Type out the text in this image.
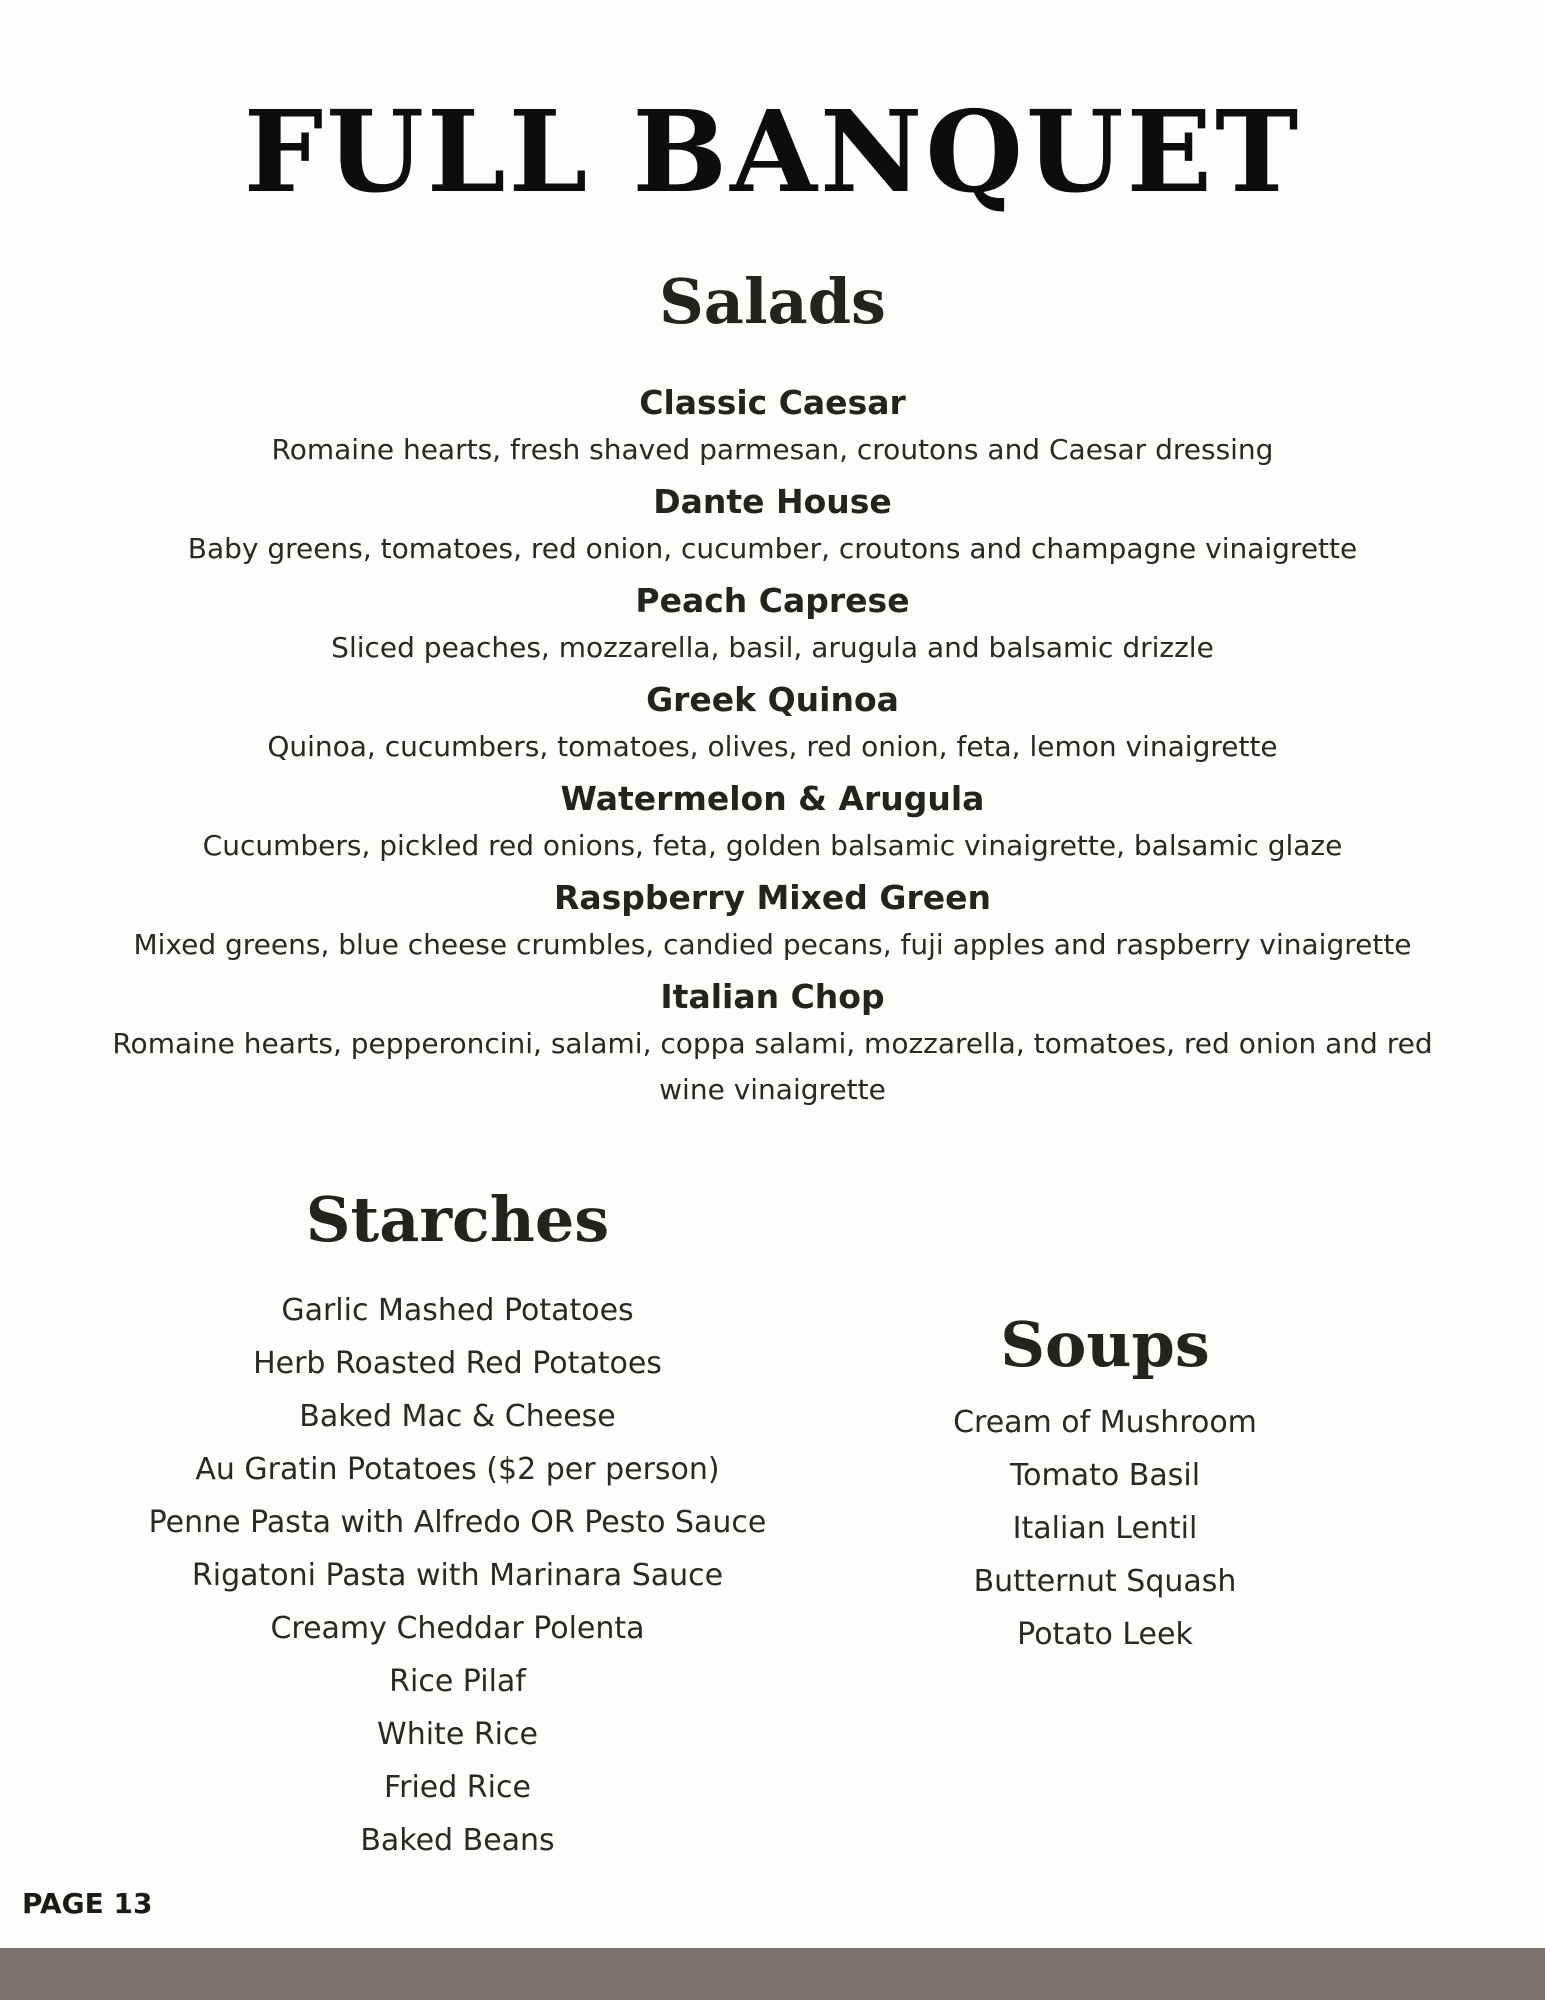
FULL BANQUET
Salads
Classic Caesar
Romaine hearts, fresh shaved parmesan, croutons and Caesar dressing
Dante House
Baby greens, tomatoes, red onion, cucumber, croutons and champagne vinaigrette
Peach Caprese
Sliced peaches, mozzarella, basil, arugula and balsamic drizzle
Greek Quinoa
Quinoa, cucumbers, tomatoes, olives, red onion, feta, lemon vinaigrette
Watermelon & Arugula
Cucumbers, pickled red onions, feta, golden balsamic vinaigrette, balsamic glaze
Raspberry Mixed Green
Mixed greens, blue cheese crumbles, candied pecans, fuji apples and raspberry vinaigrette
Italian Chop
Romaine hearts, pepperoncini, salami, coppa salami, mozzarella, tomatoes, red onion and red wine vinaigrette
Starches
Garlic Mashed Potatoes
Herb Roasted Red Potatoes
Baked Mac & Cheese
Au Gratin Potatoes ($2 per person)
Penne Pasta with Alfredo OR Pesto Sauce
Rigatoni Pasta with Marinara Sauce
Creamy Cheddar Polenta
Rice Pilaf
White Rice
Fried Rice
Baked Beans
Soups
Cream of Mushroom
Tomato Basil
Italian Lentil
Butternut Squash
Potato Leek
PAGE 13
